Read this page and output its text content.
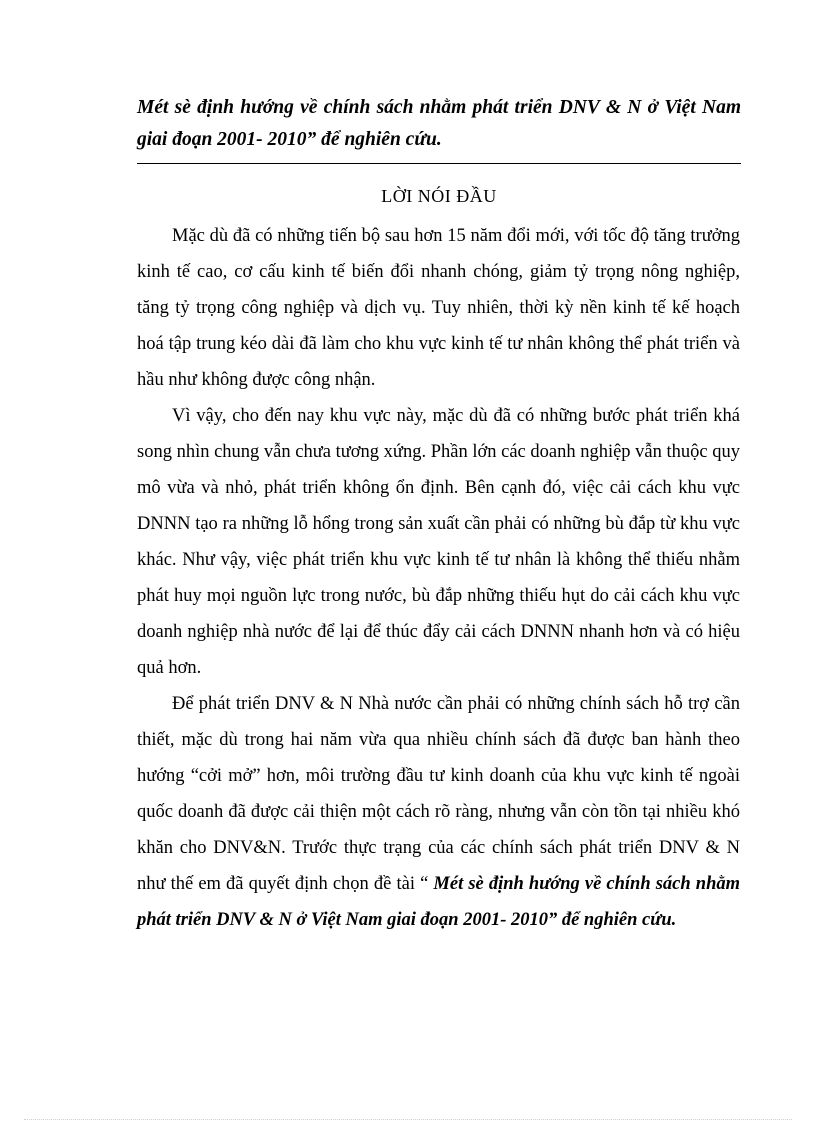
Mét sè định hướng về chính sách nhằm phát triển DNV & N ở Việt Nam giai đoạn 2001- 2010” để nghiên cứu.
LỜI NÓI ĐẦU

Mặc dù đã có những tiến bộ sau hơn 15 năm đổi mới, với tốc độ tăng trưởng kinh tế cao, cơ cấu kinh tế biến đổi nhanh chóng, giảm tỷ trọng nông nghiệp, tăng tỷ trọng công nghiệp và dịch vụ. Tuy nhiên, thời kỳ nền kinh tế kế hoạch hoá tập trung kéo dài đã làm cho khu vực kinh tế tư nhân không thể phát triển và hầu như không được công nhận.

Vì vậy, cho đến nay khu vực này, mặc dù đã có những bước phát triển khá song nhìn chung vẫn chưa tương xứng. Phần lớn các doanh nghiệp vẫn thuộc quy mô vừa và nhỏ, phát triển không ổn định. Bên cạnh đó, việc cải cách khu vực DNNN tạo ra những lỗ hổng trong sản xuất cần phải có những bù đắp từ khu vực khác. Như vậy, việc phát triển khu vực kinh tế tư nhân là không thể thiếu nhằm phát huy mọi nguồn lực trong nước, bù đắp những thiếu hụt do cải cách khu vực doanh nghiệp nhà nước để lại để thúc đẩy cải cách DNNN nhanh hơn và có hiệu quả hơn.

Để phát triển DNV & N Nhà nước cần phải có những chính sách hỗ trợ cần thiết, mặc dù trong hai năm vừa qua nhiều chính sách đã được ban hành theo hướng “cởi mở” hơn, môi trường đầu tư kinh doanh của khu vực kinh tế ngoài quốc doanh đã được cải thiện một cách rõ ràng, nhưng vẫn còn tồn tại nhiều khó khăn cho DNV&N. Trước thực trạng của các chính sách phát triển DNV & N như thế em đã quyết định chọn đề tài “ Mét sè định hướng về chính sách nhằm phát triển DNV & N ở Việt Nam giai đoạn 2001- 2010” để nghiên cứu.
